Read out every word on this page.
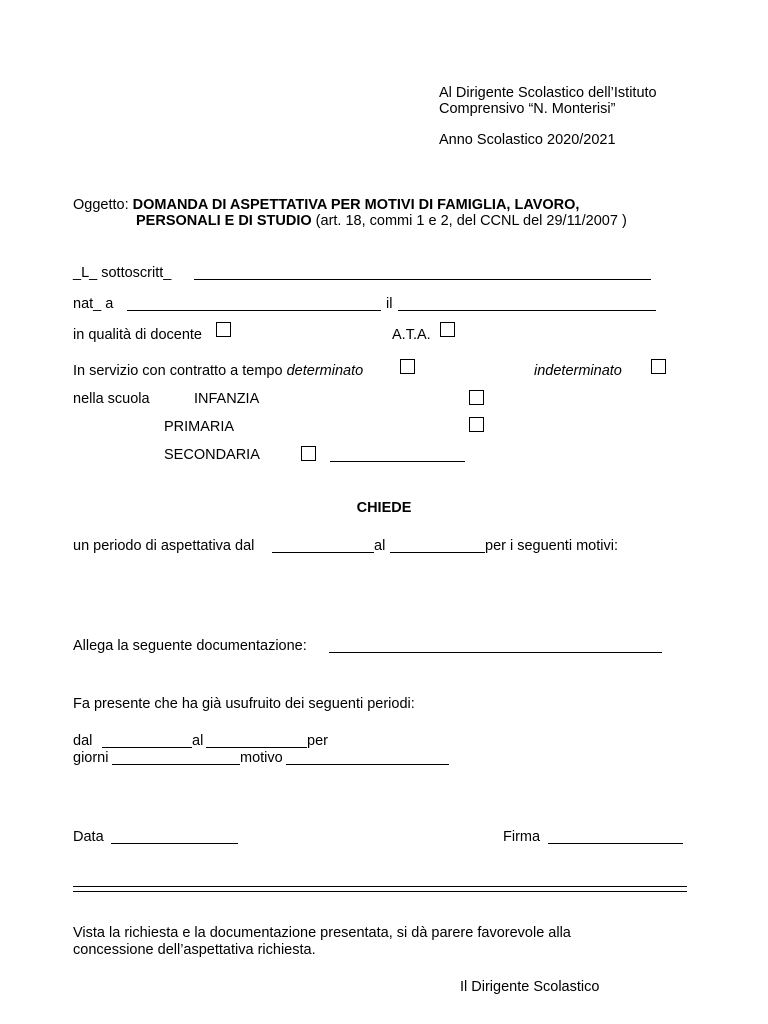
Al Dirigente Scolastico dell’Istituto
Comprensivo “N. Monterisi”
Anno Scolastico 2020/2021
Oggetto: DOMANDA DI ASPETTATIVA PER MOTIVI DI FAMIGLIA, LAVORO,
PERSONALI E DI STUDIO (art. 18, commi 1 e 2, del CCNL del 29/11/2007 )
_L_ sottoscritt_
nat_ a	il
in qualità di docente	A.T.A.
In servizio con contratto a tempo determinato	indeterminato
nella scuola	INFANZIA
PRIMARIA
SECONDARIA
CHIEDE
un periodo di aspettativa dal	al	per i seguenti motivi:
Allega la seguente documentazione:
Fa presente che ha già usufruito dei seguenti periodi:
dal	al	per
giorni	motivo
Data	Firma
Vista la richiesta e la documentazione presentata, si dà parere favorevole alla
concessione dell’aspettativa richiesta.
Il Dirigente Scolastico
